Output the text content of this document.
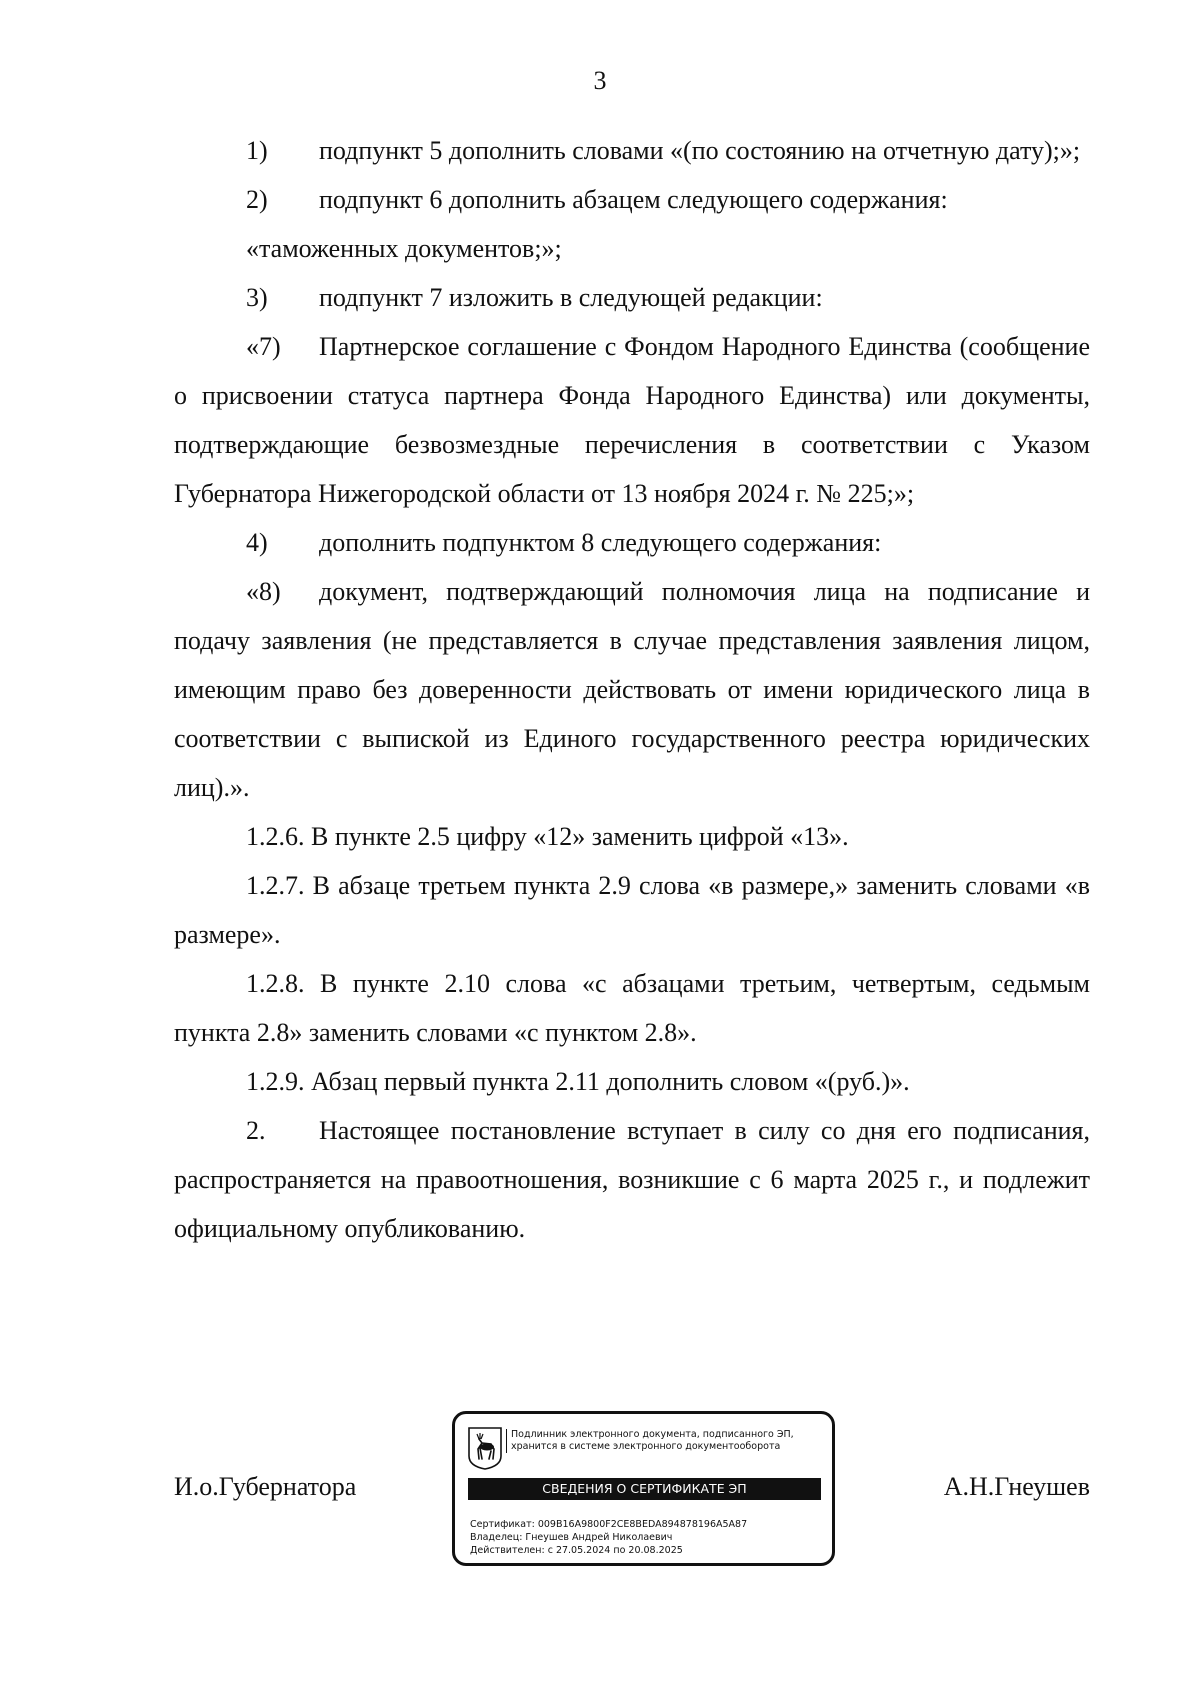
3

1) подпункт 5 дополнить словами «(по состоянию на отчетную дату);»;

2) подпункт 6 дополнить абзацем следующего содержания:

«таможенных документов;»;

3) подпункт 7 изложить в следующей редакции:

«7) Партнерское соглашение с Фондом Народного Единства (сообщение о присвоении статуса партнера Фонда Народного Единства) или документы, подтверждающие безвозмездные перечисления в соответствии с Указом Губернатора Нижегородской области от 13 ноября 2024 г. № 225;»;

4) дополнить подпунктом 8 следующего содержания:

«8) документ, подтверждающий полномочия лица на подписание и подачу заявления (не представляется в случае представления заявления лицом, имеющим право без доверенности действовать от имени юридического лица в соответствии с выпиской из Единого государственного реестра юридических лиц).».

1.2.6. В пункте 2.5 цифру «12» заменить цифрой «13».

1.2.7. В абзаце третьем пункта 2.9 слова «в размере,» заменить словами «в размере».

1.2.8. В пункте 2.10 слова «с абзацами третьим, четвертым, седьмым пункта 2.8» заменить словами «с пунктом 2.8».

1.2.9. Абзац первый пункта 2.11 дополнить словом «(руб.)».

2. Настоящее постановление вступает в силу со дня его подписания, распространяется на правоотношения, возникшие с 6 марта 2025 г., и подлежит официальному опубликованию.

И.о.Губернатора
Подлинник электронного документа, подписанного ЭП,
хранится в системе электронного документооборота
СВЕДЕНИЯ О СЕРТИФИКАТЕ ЭП
Сертификат: 009B16A9800F2CE8BEDA894878196A5A87
Владелец: Гнеушев Андрей Николаевич
Действителен: с 27.05.2024 по 20.08.2025
А.Н.Гнеушев
